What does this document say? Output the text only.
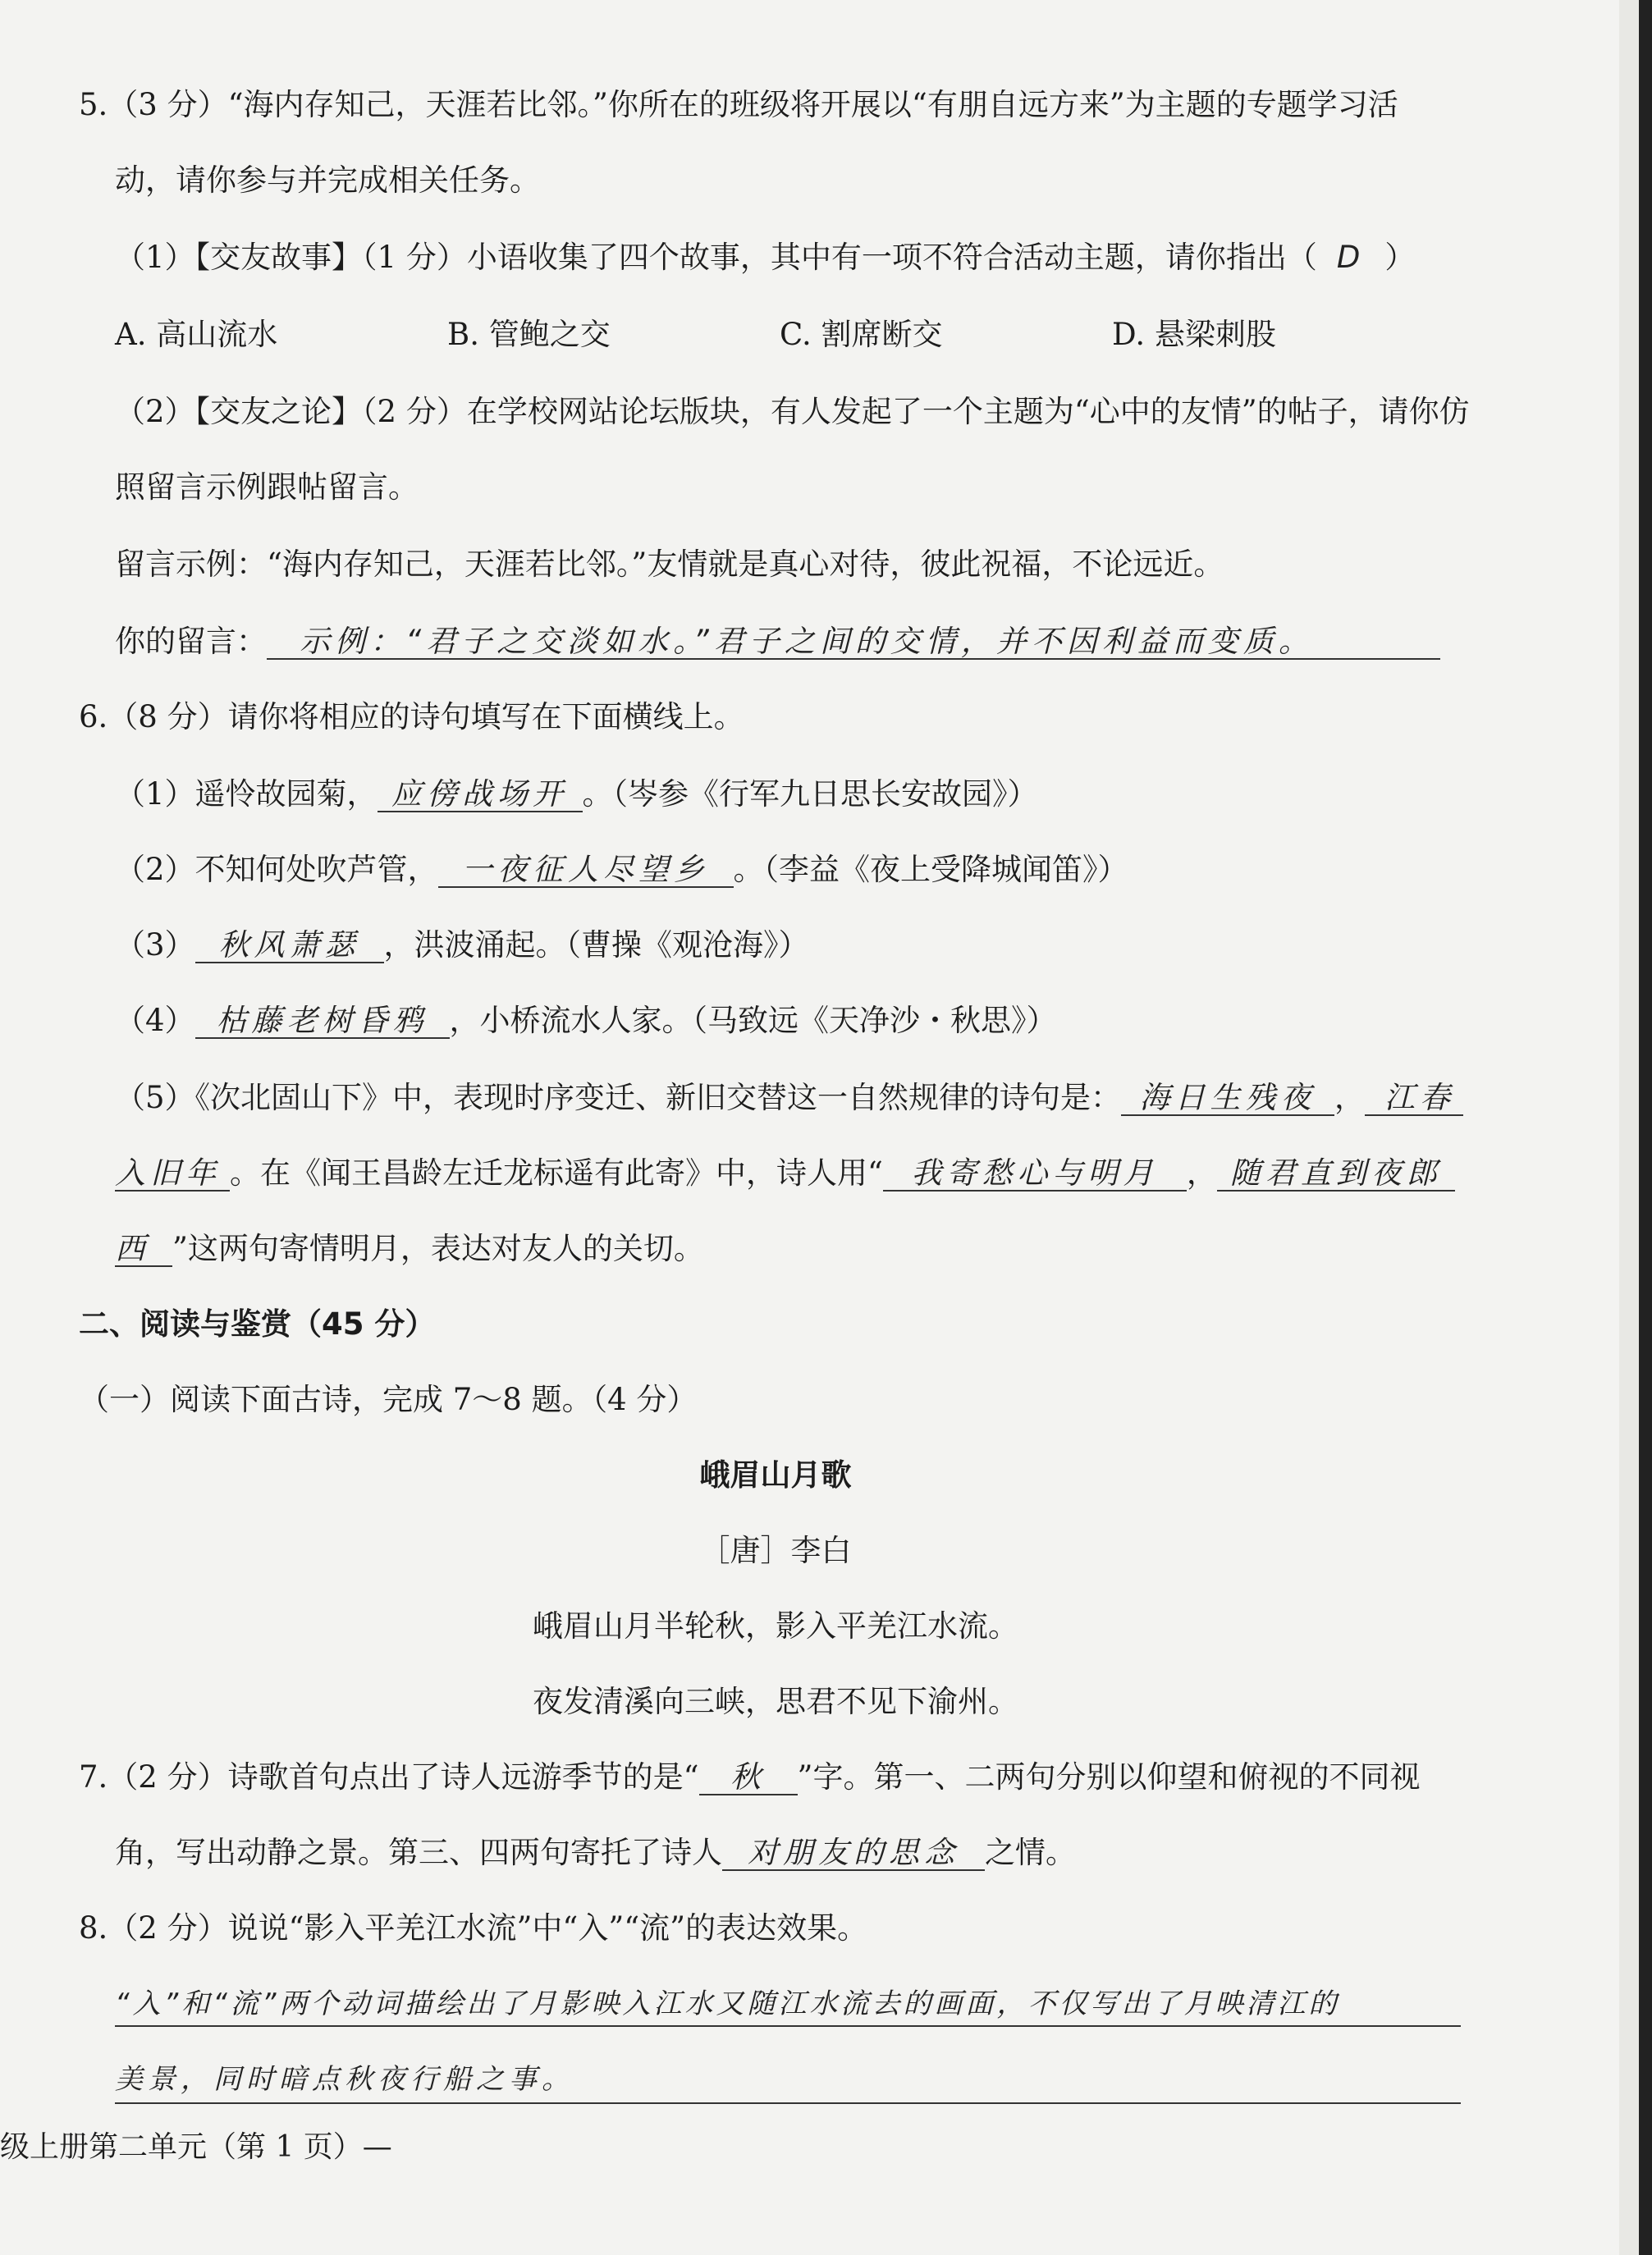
5.（3 分）“海内存知己，天涯若比邻。”你所在的班级将开展以“有朋自远方来”为主题的专题学习活
动，请你参与并完成相关任务。
（1）【交友故事】（1 分）小语收集了四个故事，其中有一项不符合活动主题，请你指出（ D ）
A. 高山流水	B. 管鲍之交	C. 割席断交	D. 悬梁刺股
（2）【交友之论】（2 分）在学校网站论坛版块，有人发起了一个主题为“心中的友情”的帖子，请你仿
照留言示例跟帖留言。
留言示例：“海内存知己，天涯若比邻。”友情就是真心对待，彼此祝福，不论远近。
你的留言： 示例：“君子之交淡如水。”君子之间的交情，并不因利益而变质。
6.（8 分）请你将相应的诗句填写在下面横线上。
（1）遥怜故园菊， 应傍战场开 。（岑参《行军九日思长安故园》）
（2）不知何处吹芦管， 一夜征人尽望乡 。（李益《夜上受降城闻笛》）
（3） 秋风萧瑟 ，洪波涌起。（曹操《观沧海》）
（4） 枯藤老树昏鸦 ，小桥流水人家。（马致远《天净沙・秋思》）
（5）《次北固山下》中，表现时序变迁、新旧交替这一自然规律的诗句是： 海日生残夜 ， 江春
入旧年 。在《闻王昌龄左迁龙标遥有此寄》中，诗人用“ 我寄愁心与明月 ， 随君直到夜郎
西 ”这两句寄情明月，表达对友人的关切。
二、阅读与鉴赏（45 分）
（一）阅读下面古诗，完成 7～8 题。（4 分）
峨眉山月歌
［唐］李白
峨眉山月半轮秋，影入平羌江水流。
夜发清溪向三峡，思君不见下渝州。
7.（2 分）诗歌首句点出了诗人远游季节的是“ 秋 ”字。第一、二两句分别以仰望和俯视的不同视
角，写出动静之景。第三、四两句寄托了诗人 对朋友的思念 之情。
8.（2 分）说说“影入平羌江水流”中“入”“流”的表达效果。
“入”和“流”两个动词描绘出了月影映入江水又随江水流去的画面，不仅写出了月映清江的
美景，同时暗点秋夜行船之事。
级上册第二单元（第 1 页）—
